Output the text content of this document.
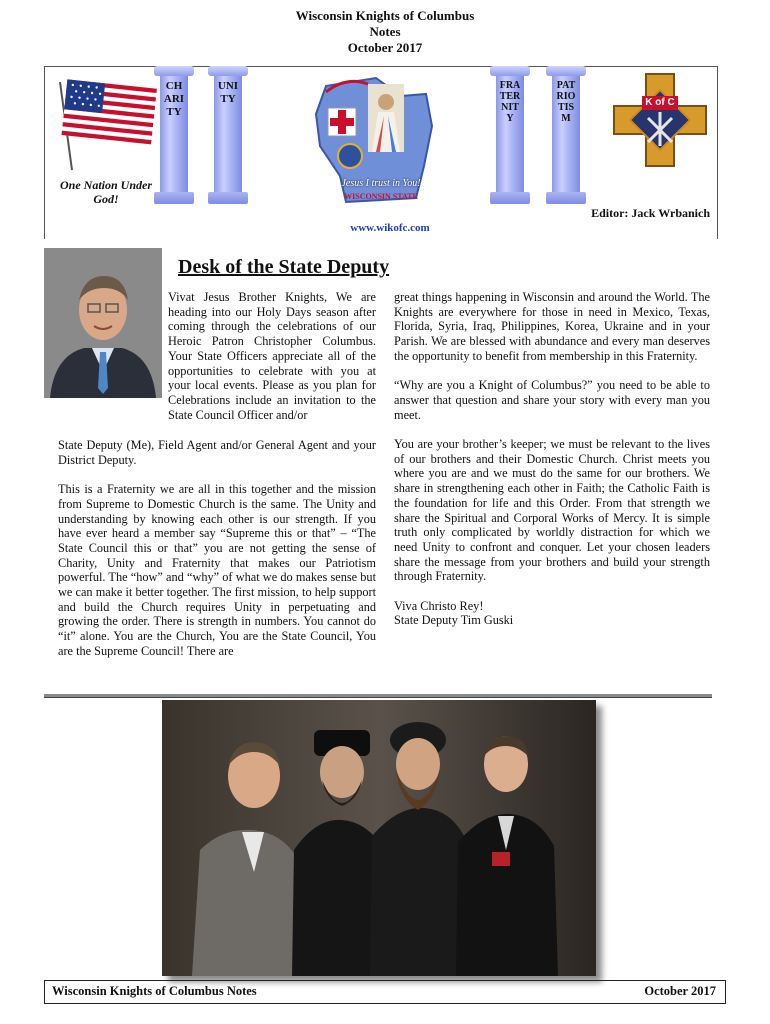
Wisconsin Knights of Columbus
Notes
October 2017
One Nation Under God!
CHARITY
UNITY
FRATERNITY
PATRIOTISM
Jesus I trust in You!
WISCONSIN STATE
K of C
Editor: Jack Wrbanich
www.wikofc.com
Desk of the State Deputy
Vivat Jesus Brother Knights, We are heading into our Holy Days season after coming through the celebrations of our Heroic Patron Christopher Columbus. Your State Officers appreciate all of the opportunities to celebrate with you at your local events. Please as you plan for Celebrations include an invitation to the State Council Officer and/or

State Deputy (Me), Field Agent and/or General Agent and your District Deputy.

This is a Fraternity we are all in this together and the mission from Supreme to Domestic Church is the same. The Unity and understanding by knowing each other is our strength. If you have ever heard a member say “Supreme this or that” – “The State Council this or that” you are not getting the sense of Charity, Unity and Fraternity that makes our Patriotism powerful. The “how” and “why” of what we do makes sense but we can make it better together. The first mission, to help support and build the Church requires Unity in perpetuating and growing the order. There is strength in numbers. You cannot do “it” alone. You are the Church, You are the State Council, You are the Supreme Council! There are

great things happening in Wisconsin and around the World. The Knights are everywhere for those in need in Mexico, Texas, Florida, Syria, Iraq, Philippines, Korea, Ukraine and in your Parish. We are blessed with abundance and every man deserves the opportunity to benefit from membership in this Fraternity.

“Why are you a Knight of Columbus?” you need to be able to answer that question and share your story with every man you meet.

You are your brother’s keeper; we must be relevant to the lives of our brothers and their Domestic Church. Christ meets you where you are and we must do the same for our brothers. We share in strengthening each other in Faith; the Catholic Faith is the foundation for life and this Order. From that strength we share the Spiritual and Corporal Works of Mercy. It is simple truth only complicated by worldly distraction for which we need Unity to confront and conquer. Let your chosen leaders share the message from your brothers and build your strength through Fraternity.

Viva Christo Rey!
State Deputy Tim Guski
Wisconsin Knights of Columbus Notes	October 2017
